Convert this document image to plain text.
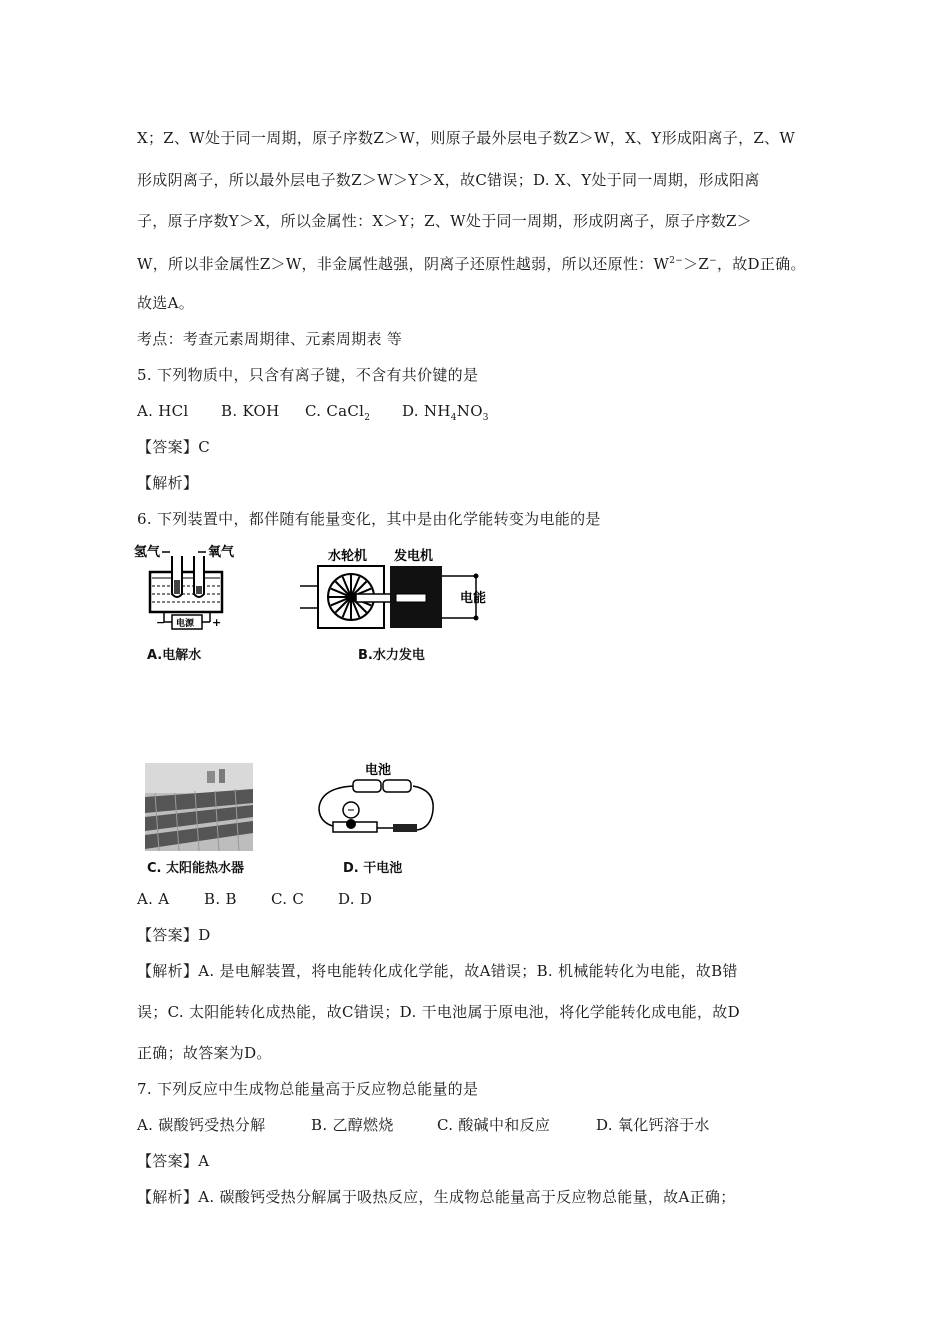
X；Z、W处于同一周期，原子序数Z＞W，则原子最外层电子数Z＞W，X、Y形成阳离子，Z、W
形成阴离子，所以最外层电子数Z＞W＞Y＞X，故C错误；D. X、Y处于同一周期，形成阳离
子，原子序数Y＞X，所以金属性：X＞Y；Z、W处于同一周期，形成阴离子，原子序数Z＞
W，所以非金属性Z＞W，非金属性越强，阴离子还原性越弱，所以还原性：$W^{2-}>Z^-$，故D正确。
故选A。
考点：考查元素周期律、元素周期表 等
5. 下列物质中，只含有离子键，不含有共价键的是
A. HCl B. KOH C. CaCl$_2$ D. $NH_4NO_3$
【答案】C
【解析】
6. 下列装置中，都伴随有能量变化，其中是由化学能转变为电能的是
氢气	氧气
电源
−	+
A.电解水
水轮机 发电机
电能
B.水力发电
C. 太阳能热水器
电池
D. 干电池
A. A B. B C. C D. D
【答案】D
【解析】A. 是电解装置，将电能转化成化学能，故A错误；B. 机械能转化为电能，故B错
误；C. 太阳能转化成热能，故C错误；D. 干电池属于原电池，将化学能转化成电能，故D
正确；故答案为D。
7. 下列反应中生成物总能量高于反应物总能量的是
A. 碳酸钙受热分解	B. 乙醇燃烧	C. 酸碱中和反应	D. 氧化钙溶于水
【答案】A
【解析】A. 碳酸钙受热分解属于吸热反应，生成物总能量高于反应物总能量，故A正确；
